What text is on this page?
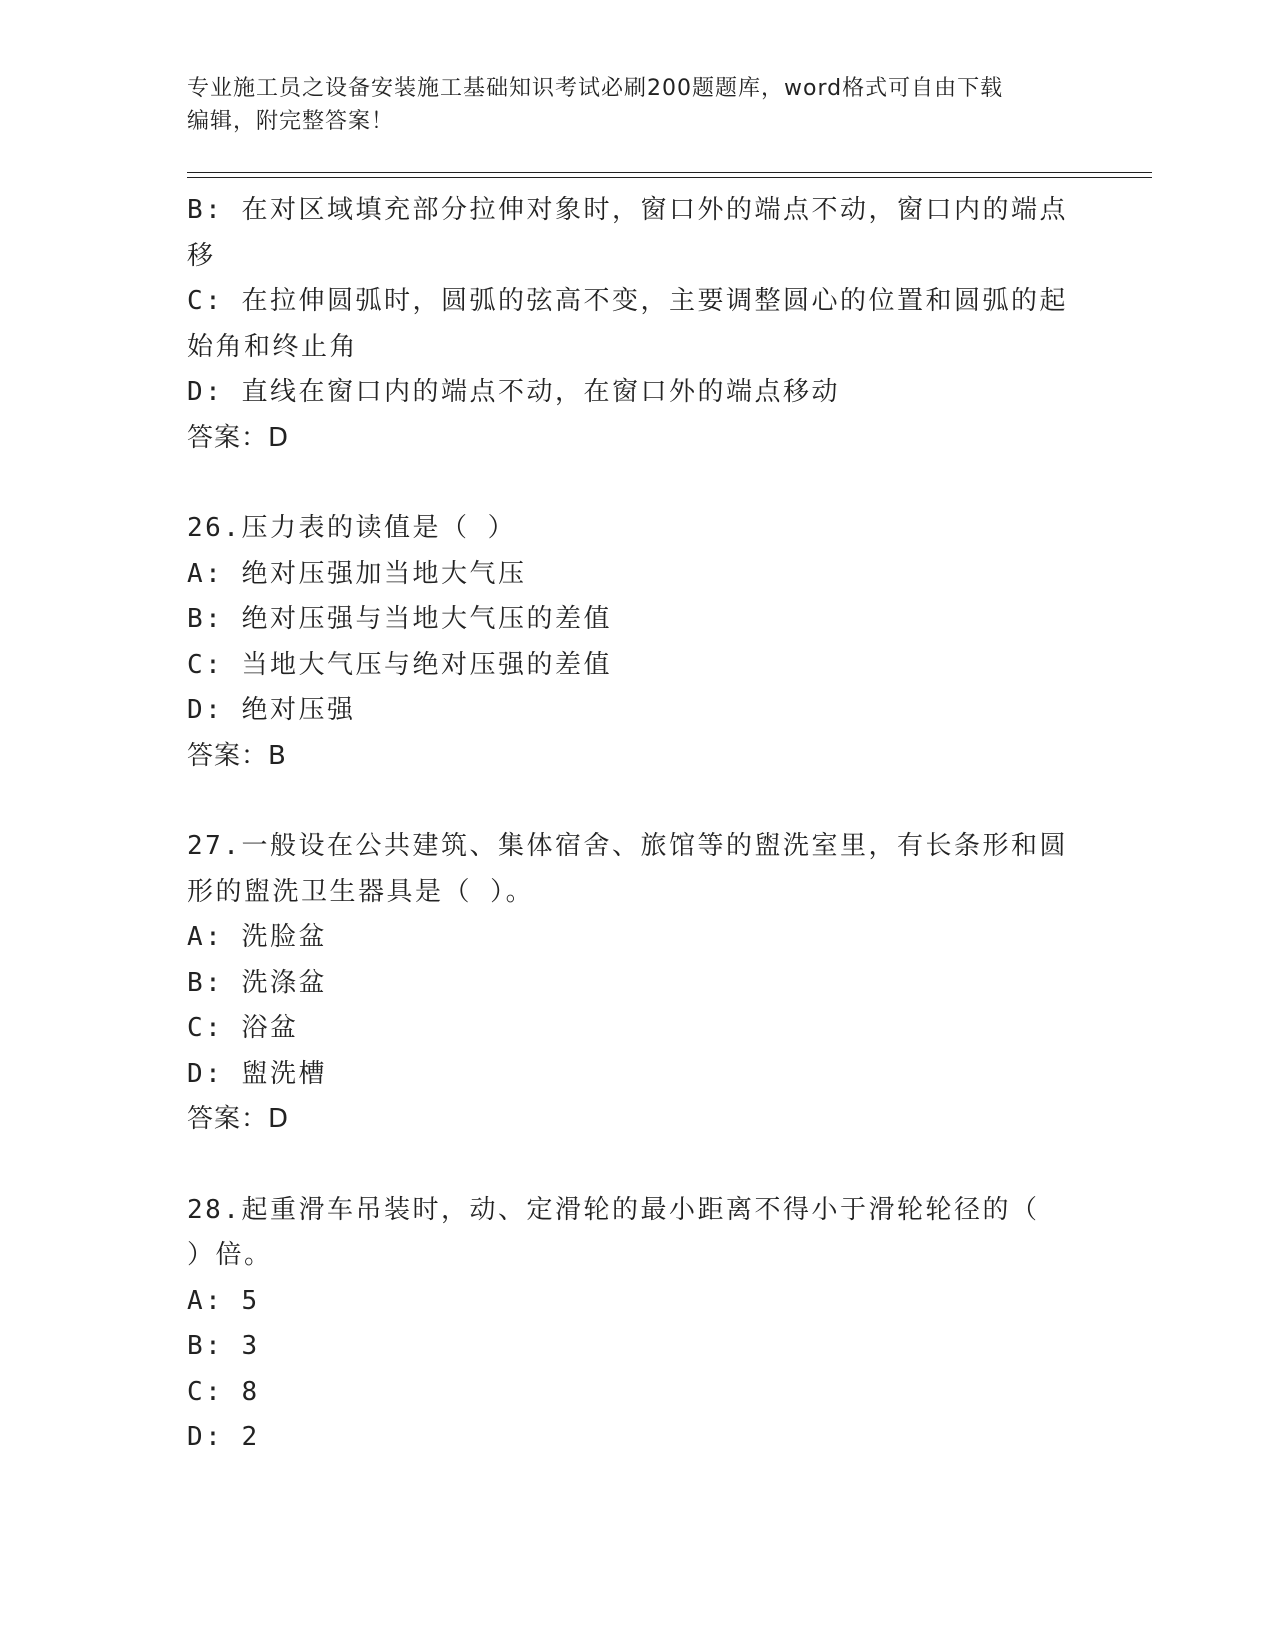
专业施工员之设备安装施工基础知识考试必刷200题题库，word格式可自由下载
编辑，附完整答案！
B: 在对区域填充部分拉伸对象时，窗口外的端点不动，窗口内的端点
移
C: 在拉伸圆弧时，圆弧的弦高不变，主要调整圆心的位置和圆弧的起
始角和终止角
D: 直线在窗口内的端点不动，在窗口外的端点移动
答案：D
26.压力表的读值是（ ）
A: 绝对压强加当地大气压
B: 绝对压强与当地大气压的差值
C: 当地大气压与绝对压强的差值
D: 绝对压强
答案：B
27.一般设在公共建筑、集体宿舍、旅馆等的盥洗室里，有长条形和圆
形的盥洗卫生器具是（ ）。
A: 洗脸盆
B: 洗涤盆
C: 浴盆
D: 盥洗槽
答案：D
28.起重滑车吊装时，动、定滑轮的最小距离不得小于滑轮轮径的（
）倍。
A: 5
B: 3
C: 8
D: 2
